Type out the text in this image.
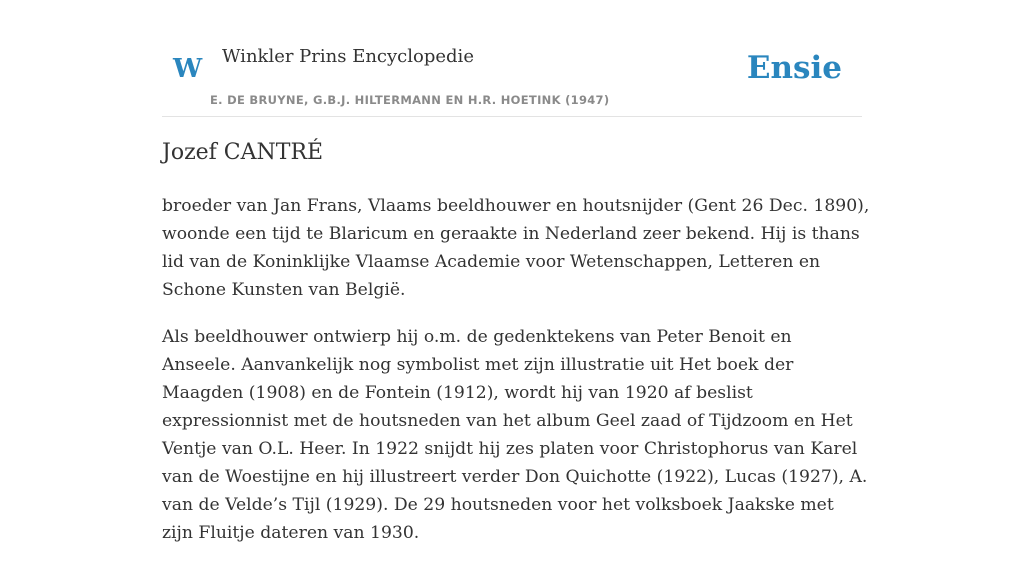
W Winkler Prins Encyclopedie
E. DE BRUYNE, G.B.J. HILTERMANN EN H.R. HOETINK (1947)
Ensie
Jozef CANTRÉ

broeder van Jan Frans, Vlaams beeldhouwer en houtsnijder (Gent 26 Dec. 1890), woonde een tijd te Blaricum en geraakte in Nederland zeer bekend. Hij is thans lid van de Koninklijke Vlaamse Academie voor Wetenschappen, Letteren en Schone Kunsten van België.

Als beeldhouwer ontwierp hij o.m. de gedenktekens van Peter Benoit en Anseele. Aanvankelijk nog symbolist met zijn illustratie uit Het boek der Maagden (1908) en de Fontein (1912), wordt hij van 1920 af beslist expressionnist met de houtsneden van het album Geel zaad of Tijdzoom en Het Ventje van O.L. Heer. In 1922 snijdt hij zes platen voor Christophorus van Karel van de Woestijne en hij illustreert verder Don Quichotte (1922), Lucas (1927), A. van de Velde’s Tijl (1929). De 29 houtsneden voor het volksboek Jaakske met zijn Fluitje dateren van 1930.
